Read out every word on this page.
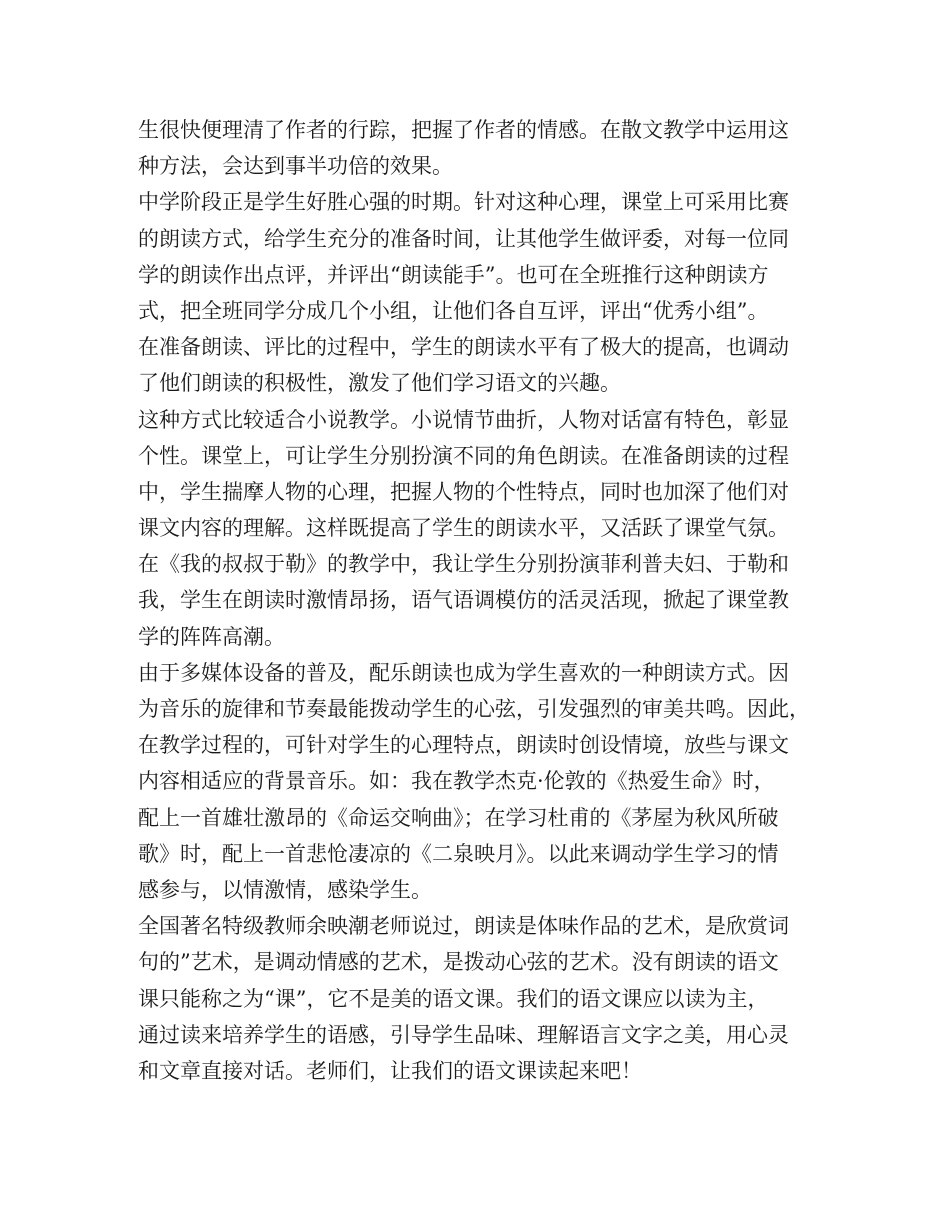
生很快便理清了作者的行踪，把握了作者的情感。在散文教学中运用这
种方法，会达到事半功倍的效果。
中学阶段正是学生好胜心强的时期。针对这种心理，课堂上可采用比赛
的朗读方式，给学生充分的准备时间，让其他学生做评委，对每一位同
学的朗读作出点评，并评出“朗读能手”。也可在全班推行这种朗读方
式，把全班同学分成几个小组，让他们各自互评，评出“优秀小组”。
在准备朗读、评比的过程中，学生的朗读水平有了极大的提高，也调动
了他们朗读的积极性，激发了他们学习语文的兴趣。
这种方式比较适合小说教学。小说情节曲折，人物对话富有特色，彰显
个性。课堂上，可让学生分别扮演不同的角色朗读。在准备朗读的过程
中，学生揣摩人物的心理，把握人物的个性特点，同时也加深了他们对
课文内容的理解。这样既提高了学生的朗读水平，又活跃了课堂气氛。
在《我的叔叔于勒》的教学中，我让学生分别扮演菲利普夫妇、于勒和
我，学生在朗读时激情昂扬，语气语调模仿的活灵活现，掀起了课堂教
学的阵阵高潮。
由于多媒体设备的普及，配乐朗读也成为学生喜欢的一种朗读方式。因
为音乐的旋律和节奏最能拨动学生的心弦，引发强烈的审美共鸣。因此，
在教学过程的，可针对学生的心理特点，朗读时创设情境，放些与课文
内容相适应的背景音乐。如：我在教学杰克·伦敦的《热爱生命》时，
配上一首雄壮激昂的《命运交响曲》；在学习杜甫的《茅屋为秋风所破
歌》时，配上一首悲怆凄凉的《二泉映月》。以此来调动学生学习的情
感参与，以情激情，感染学生。
全国著名特级教师余映潮老师说过，朗读是体味作品的艺术，是欣赏词
句的”艺术，是调动情感的艺术，是拨动心弦的艺术。没有朗读的语文
课只能称之为“课”，它不是美的语文课。我们的语文课应以读为主，
通过读来培养学生的语感，引导学生品味、理解语言文字之美，用心灵
和文章直接对话。老师们，让我们的语文课读起来吧！
